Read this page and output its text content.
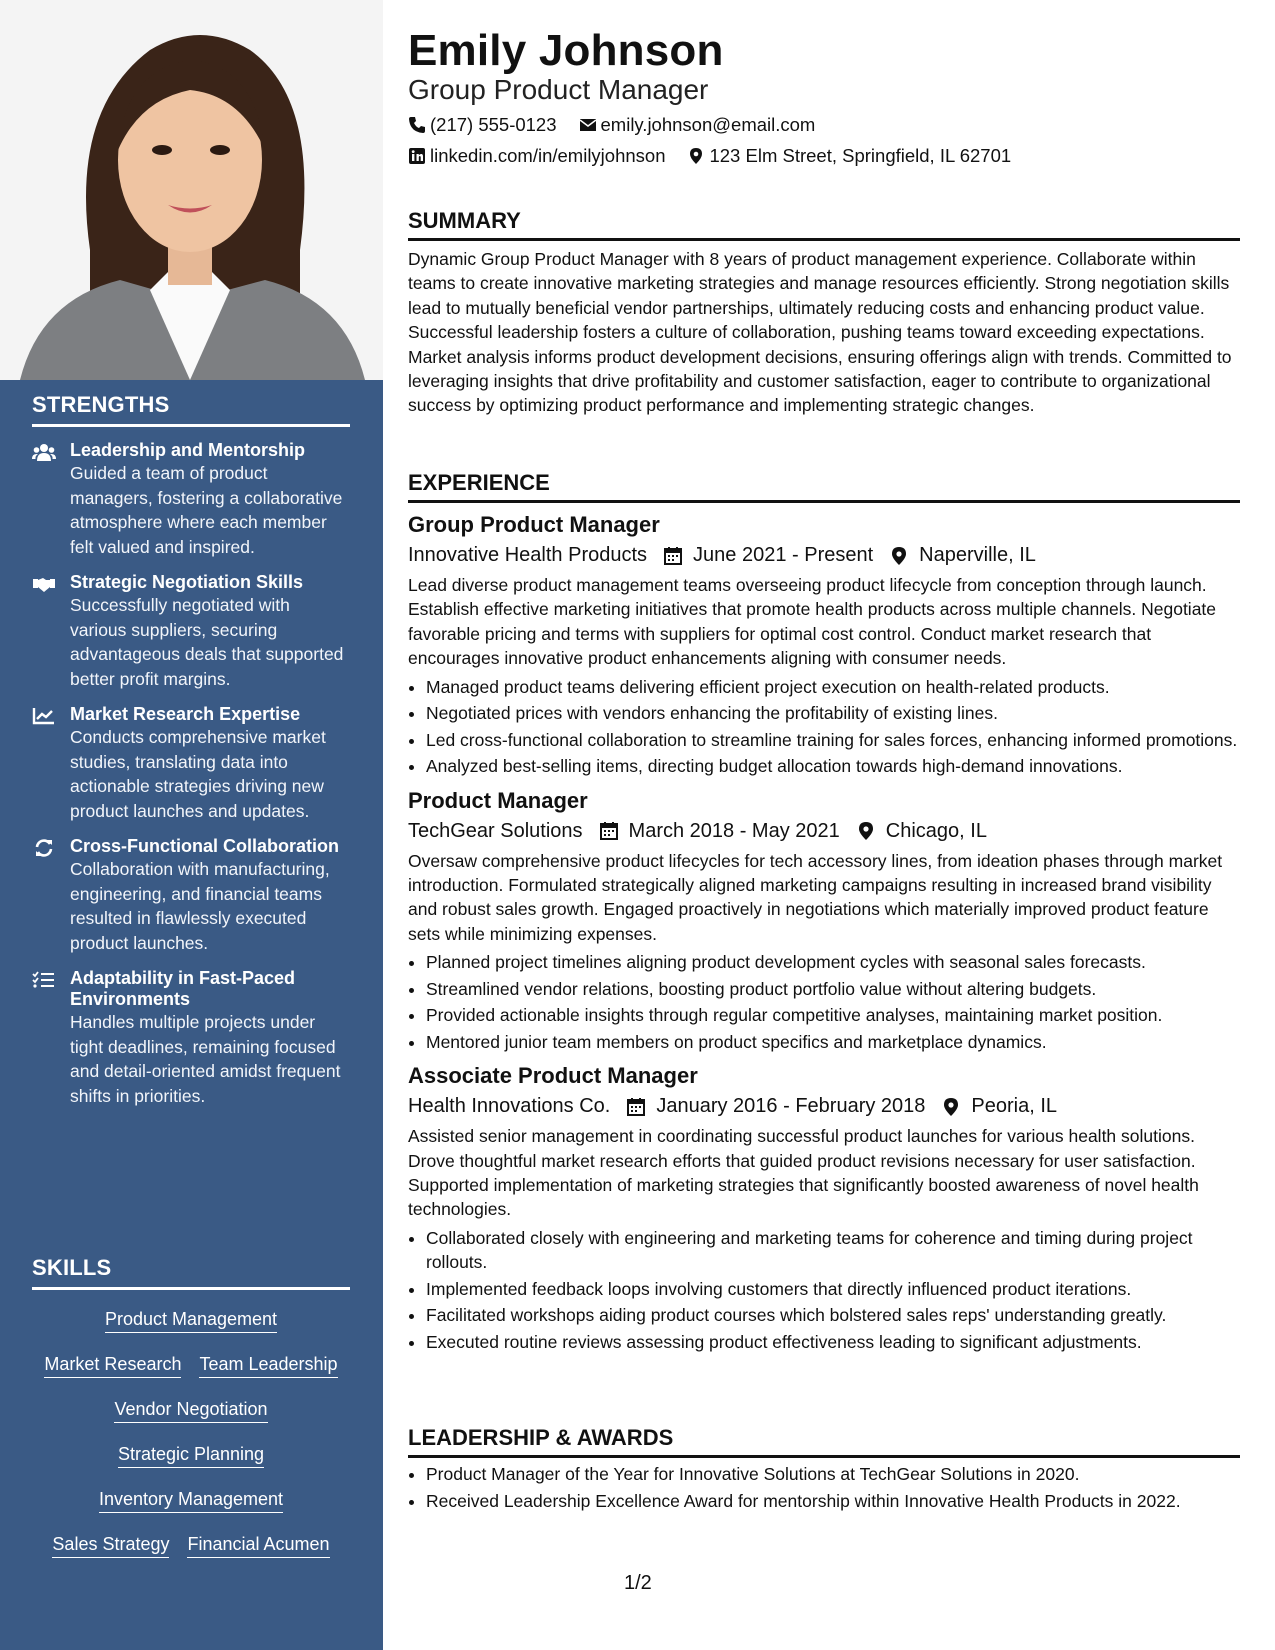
STRENGTHS
Leadership and Mentorship
Guided a team of product managers, fostering a collaborative atmosphere where each member felt valued and inspired.
Strategic Negotiation Skills
Successfully negotiated with various suppliers, securing advantageous deals that supported better profit margins.
Market Research Expertise
Conducts comprehensive market studies, translating data into actionable strategies driving new product launches and updates.
Cross-Functional Collaboration
Collaboration with manufacturing, engineering, and financial teams resulted in flawlessly executed product launches.
Adaptability in Fast-Paced Environments
Handles multiple projects under tight deadlines, remaining focused and detail-oriented amidst frequent shifts in priorities.
SKILLS
Product Management
Market Research Team Leadership
Vendor Negotiation
Strategic Planning
Inventory Management
Sales Strategy Financial Acumen
Emily Johnson
Group Product Manager
(217) 555-0123 emily.johnson@email.com
linkedin.com/in/emilyjohnson 123 Elm Street, Springfield, IL 62701
SUMMARY

Dynamic Group Product Manager with 8 years of product management experience. Collaborate within teams to create innovative marketing strategies and manage resources efficiently. Strong negotiation skills lead to mutually beneficial vendor partnerships, ultimately reducing costs and enhancing product value. Successful leadership fosters a culture of collaboration, pushing teams toward exceeding expectations. Market analysis informs product development decisions, ensuring offerings align with trends. Committed to leveraging insights that drive profitability and customer satisfaction, eager to contribute to organizational success by optimizing product performance and implementing strategic changes.

EXPERIENCE
Group Product Manager
Innovative Health Products June 2021 - Present Naperville, IL

Lead diverse product management teams overseeing product lifecycle from conception through launch. Establish effective marketing initiatives that promote health products across multiple channels. Negotiate favorable pricing and terms with suppliers for optimal cost control. Conduct market research that encourages innovative product enhancements aligning with consumer needs.

• Managed product teams delivering efficient project execution on health-related products.
• Negotiated prices with vendors enhancing the profitability of existing lines.
• Led cross-functional collaboration to streamline training for sales forces, enhancing informed promotions.
• Analyzed best-selling items, directing budget allocation towards high-demand innovations.
Product Manager
TechGear Solutions March 2018 - May 2021 Chicago, IL

Oversaw comprehensive product lifecycles for tech accessory lines, from ideation phases through market introduction. Formulated strategically aligned marketing campaigns resulting in increased brand visibility and robust sales growth. Engaged proactively in negotiations which materially improved product feature sets while minimizing expenses.

• Planned project timelines aligning product development cycles with seasonal sales forecasts.
• Streamlined vendor relations, boosting product portfolio value without altering budgets.
• Provided actionable insights through regular competitive analyses, maintaining market position.
• Mentored junior team members on product specifics and marketplace dynamics.
Associate Product Manager
Health Innovations Co. January 2016 - February 2018 Peoria, IL

Assisted senior management in coordinating successful product launches for various health solutions. Drove thoughtful market research efforts that guided product revisions necessary for user satisfaction. Supported implementation of marketing strategies that significantly boosted awareness of novel health technologies.

• Collaborated closely with engineering and marketing teams for coherence and timing during project rollouts.
• Implemented feedback loops involving customers that directly influenced product iterations.
• Facilitated workshops aiding product courses which bolstered sales reps' understanding greatly.
• Executed routine reviews assessing product effectiveness leading to significant adjustments.
LEADERSHIP & AWARDS
• Product Manager of the Year for Innovative Solutions at TechGear Solutions in 2020.
• Received Leadership Excellence Award for mentorship within Innovative Health Products in 2022.
1/2
